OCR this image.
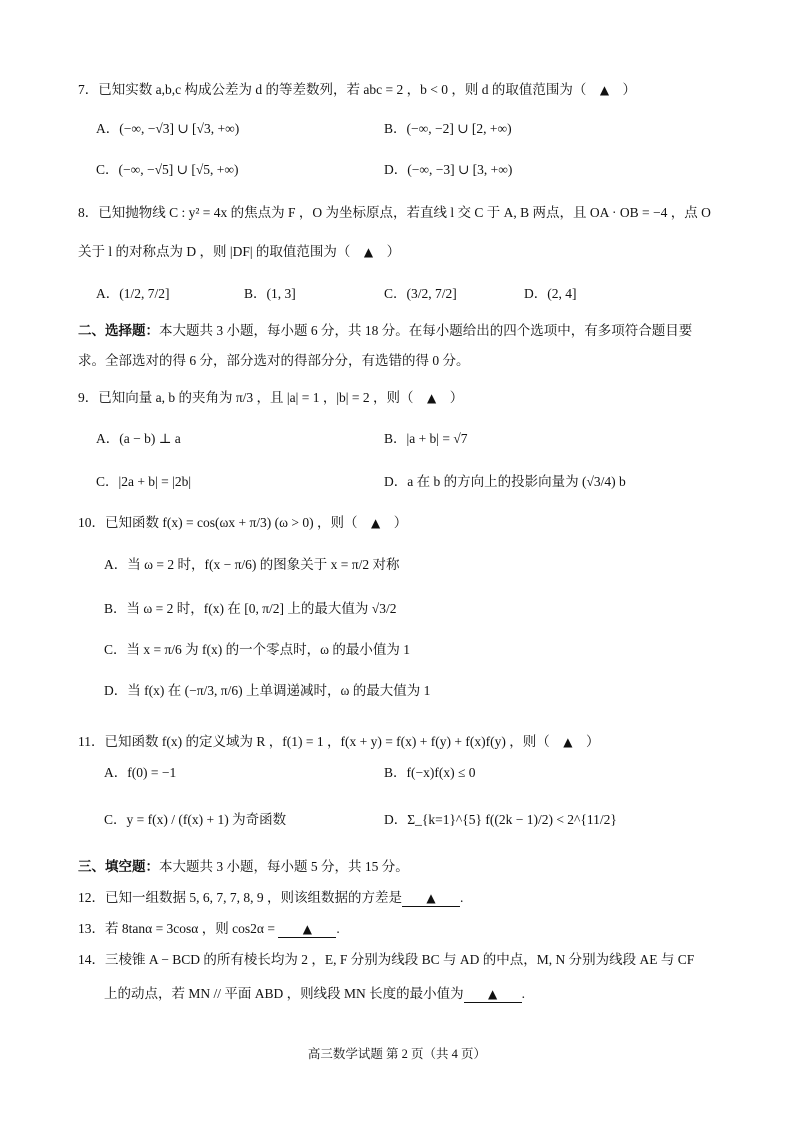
7．已知实数 a,b,c 构成公差为 d 的等差数列，若 abc = 2 ，b < 0 ，则 d 的取值范围为（　▲　）
A．(−∞, −√3] ∪ [√3, +∞)	B．(−∞, −2] ∪ [2, +∞)
C．(−∞, −√5] ∪ [√5, +∞)	D．(−∞, −3] ∪ [3, +∞)
8．已知抛物线 C : y² = 4x 的焦点为 F ，O 为坐标原点，若直线 l 交 C 于 A, B 两点，且 OA · OB = −4 ，点 O
关于 l 的对称点为 D ，则 |DF| 的取值范围为（　▲　）
A．(1/2, 7/2]	B．(1, 3]	C．(3/2, 7/2]	D．(2, 4]
二、选择题：本大题共 3 小题，每小题 6 分，共 18 分。在每小题给出的四个选项中，有多项符合题目要
求。全部选对的得 6 分，部分选对的得部分分，有选错的得 0 分。
9．已知向量 a, b 的夹角为 π/3 ，且 |a| = 1 ，|b| = 2 ，则（　▲　）
A．(a − b) ⊥ a	B．|a + b| = √7
C．|2a + b| = |2b|	D．a 在 b 的方向上的投影向量为 (√3/4) b
10．已知函数 f(x) = cos(ωx + π/3) (ω > 0) ，则（　▲　）
A．当 ω = 2 时，f(x − π/6) 的图象关于 x = π/2 对称
B．当 ω = 2 时，f(x) 在 [0, π/2] 上的最大值为 √3/2
C．当 x = π/6 为 f(x) 的一个零点时，ω 的最小值为 1
D．当 f(x) 在 (−π/3, π/6) 上单调递减时，ω 的最大值为 1
11．已知函数 f(x) 的定义域为 R ，f(1) = 1 ，f(x + y) = f(x) + f(y) + f(x)f(y) ，则（　▲　）
A．f(0) = −1	B．f(−x)f(x) ≤ 0
C．y = f(x) / (f(x) + 1) 为奇函数	D．Σ_{k=1}^{5} f((2k − 1)/2) < 2^{11/2}
三、填空题：本大题共 3 小题，每小题 5 分，共 15 分。
12．已知一组数据 5, 6, 7, 7, 8, 9 ，则该组数据的方差是 ▲ .
13．若 8tanα = 3cosα ，则 cos2α = ▲ .
14．三棱锥 A − BCD 的所有棱长均为 2 ，E, F 分别为线段 BC 与 AD 的中点，M, N 分别为线段 AE 与 CF
上的动点，若 MN // 平面 ABD ，则线段 MN 长度的最小值为 ▲ .
高三数学试题 第 2 页（共 4 页）
